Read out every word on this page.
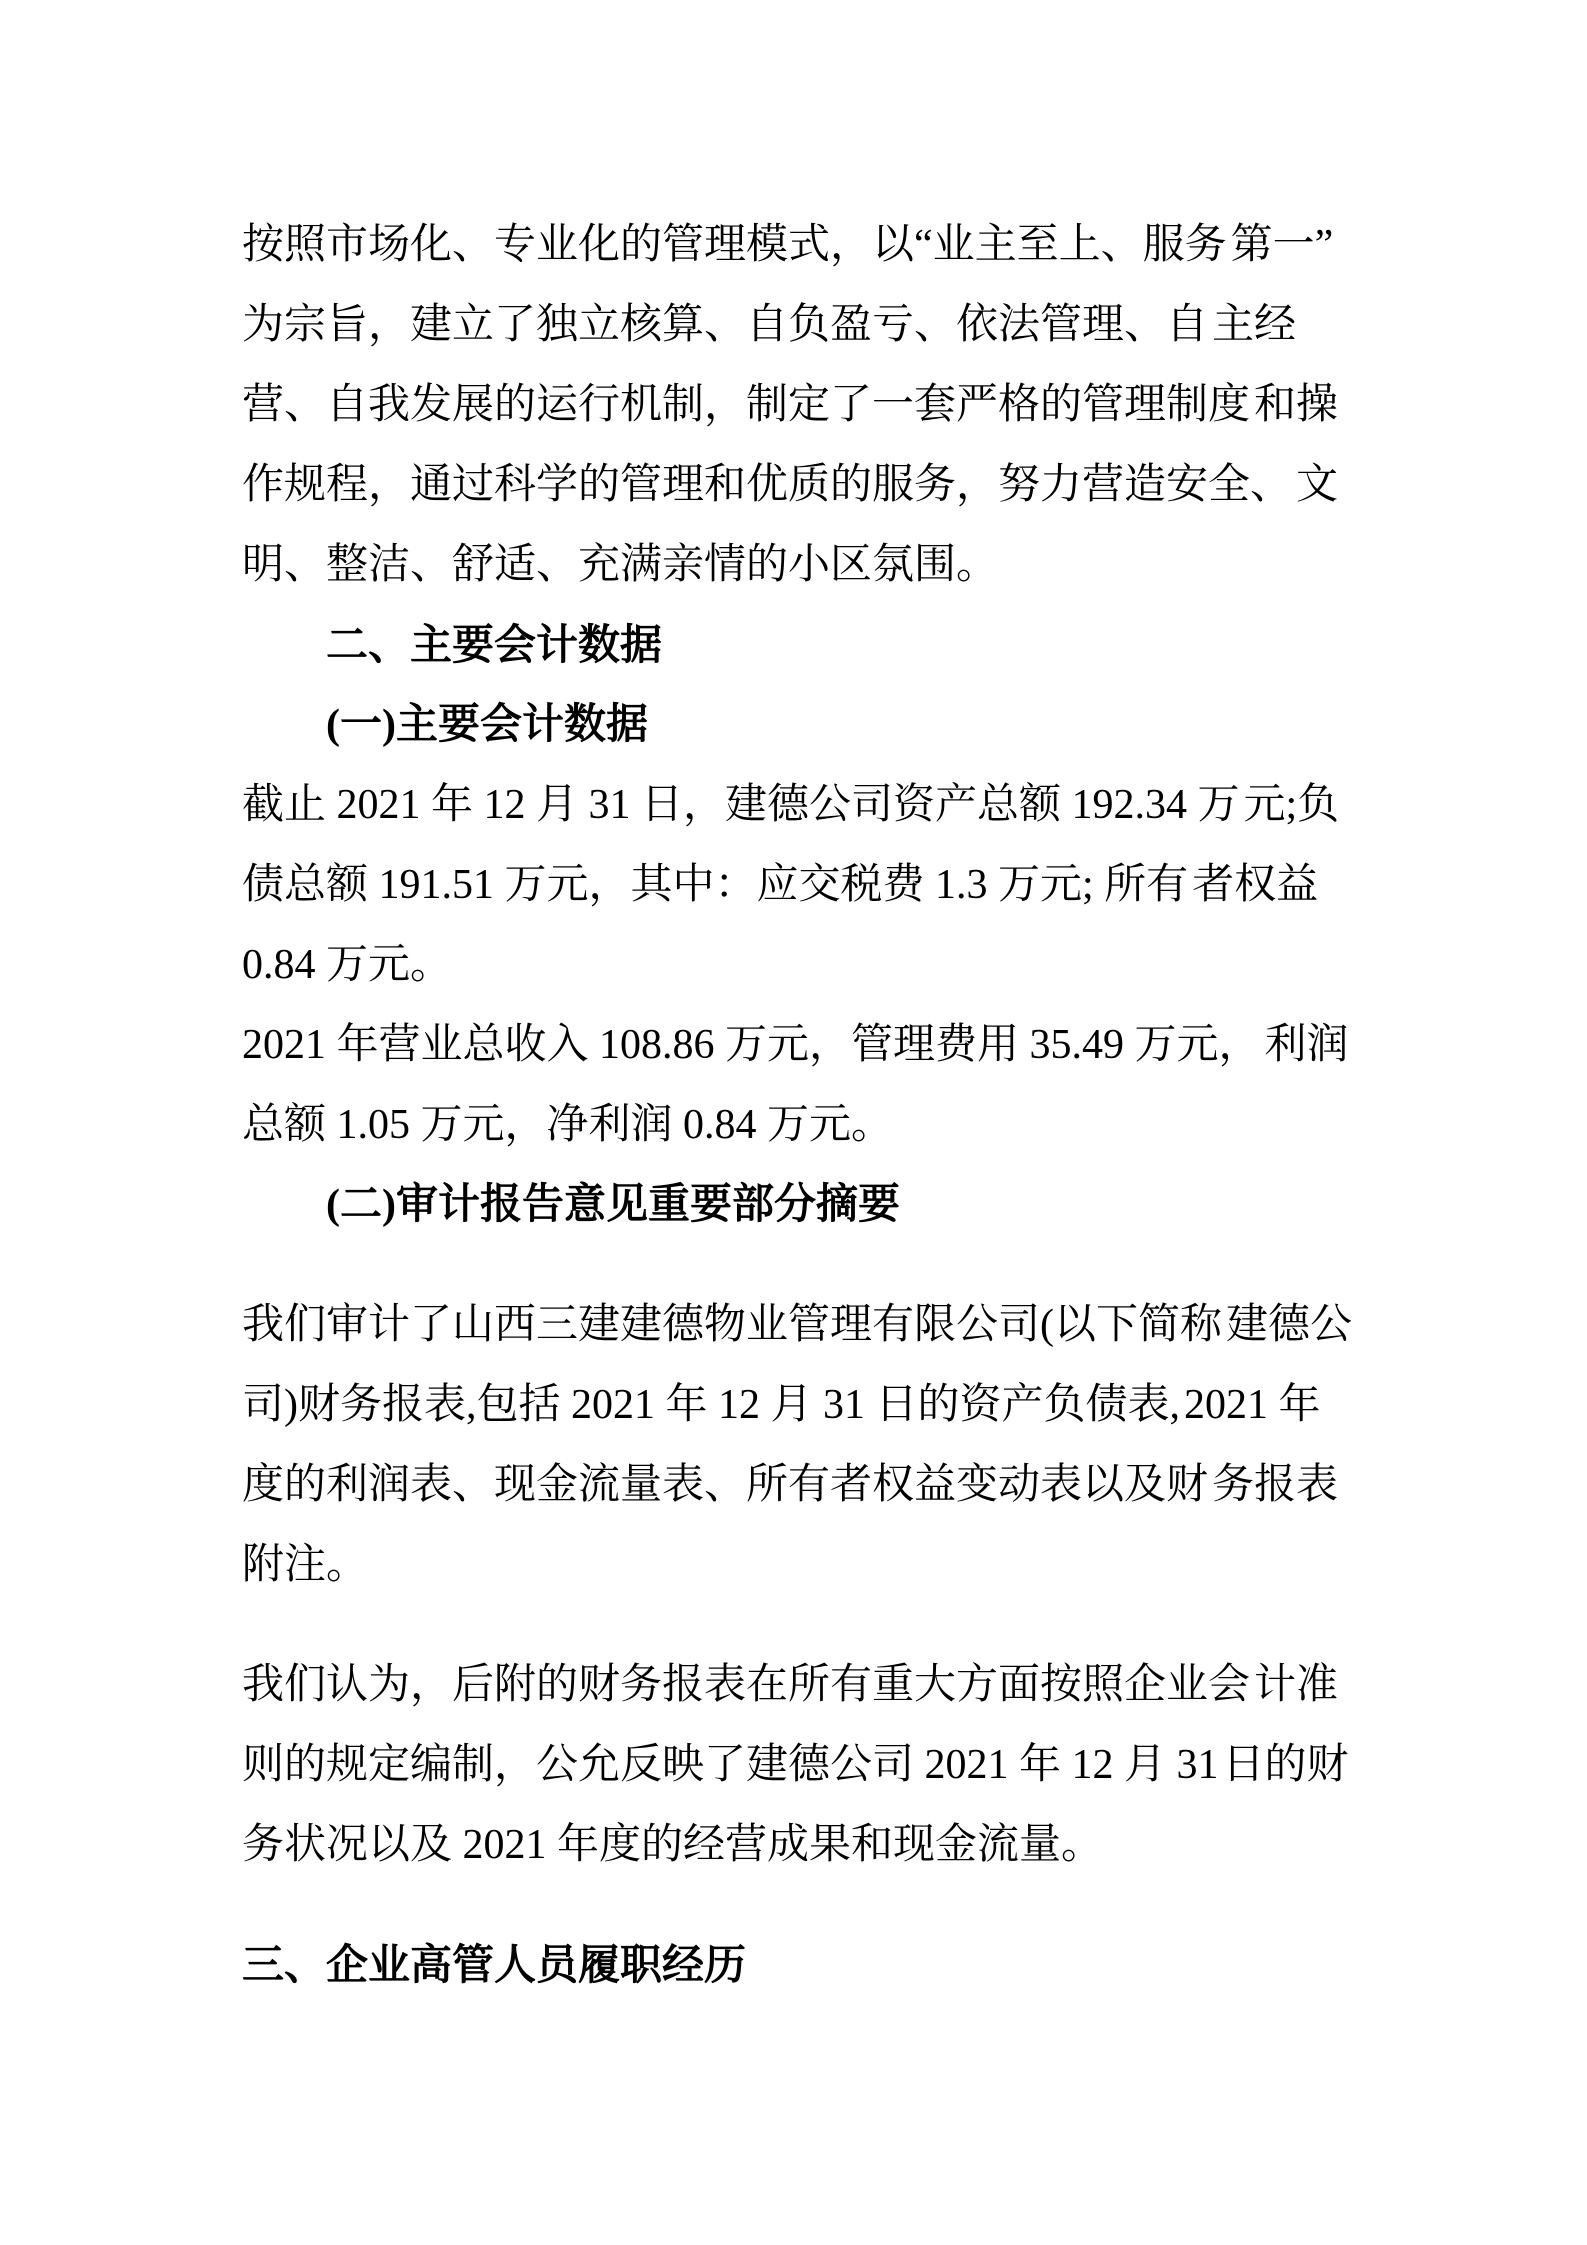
按照市场化、专业化的管理模式，以“业主至上、服务 第一”为宗旨，建立了独立核算、自负盈亏、依法管理、自 主经营、自我发展的运行机制，制定了一套严格的管理制度 和操作规程，通过科学的管理和优质的服务，努力营造安全、 文明、整洁、舒适、充满亲情的小区氛围。

二、主要会计数据
(一)主要会计数据

截止 2021 年 12 月 31 日，建德公司资产总额 192.34 万 元;负债总额 191.51 万元，其中：应交税费 1.3 万元; 所有 者权益 0.84 万元。

2021 年营业总收入 108.86 万元，管理费用 35.49 万元， 利润总额 1.05 万元，净利润 0.84 万元。

(二)审计报告意见重要部分摘要

我们审计了山西三建建德物业管理有限公司(以下简称 建德公司)财务报表,包括 2021 年 12 月 31 日的资产负债表, 2021 年度的利润表、现金流量表、所有者权益变动表以及财 务报表附注。

我们认为，后附的财务报表在所有重大方面按照企业会 计准则的规定编制，公允反映了建德公司 2021 年 12 月 31 日的财务状况以及 2021 年度的经营成果和现金流量。

三、企业高管人员履职经历
